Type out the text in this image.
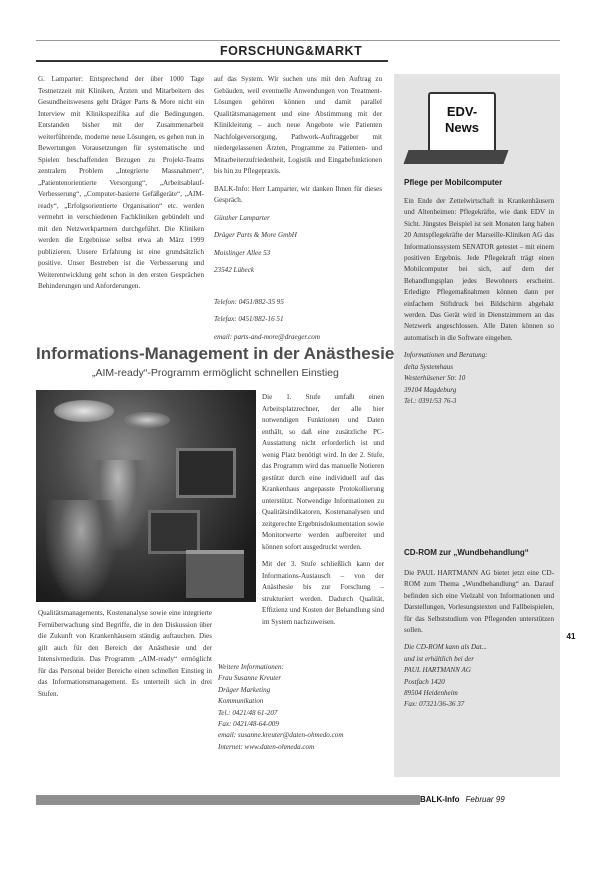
FORSCHUNG&MARKT

G. Lamparter: Entsprechend der über 1000 Tage Testnetzzeit mit Kliniken, Ärzten und Mitarbeitern des Gesundheitswesens geht Dräger Parts & More nicht ein Interview mit Klinikspezifika auf die Bedingungen. Entstanden bisher mit der Zusammenarbeit weiterführende, moderne neue Lösungen, es gehen nun in Bewertungen Vorausetzungen für systematische und Spielen beschaffenden Bezugen zu Projekt-Teams zentralem Problem „Integrierte Massnahmen“, „Patientenorientierte Versorgung“, „Arbeitsablauf-Verbesserung“, „Computer-basierte Gefäßgeräte“, „AIM-ready“, „Erfolgsorientierte Organisation“ etc. werden vermehrt in verschiedenen Fachkliniken gebündelt und mit den Netzwerkpartnern durchgeführt. Die Kliniken werden die Ergebnisse selbst etwa ab März 1999 publizieren. Unsere Erfahrung ist eine grundsätzlich positive. Unser Bestreben ist die Verbesserung und Weiterentwicklung geht schon in den ersten Gesprächen Behinderungen und Anforderungen.

auf das System. Wir suchen uns mit den Auftrag zu Gebäuden, weil eventuelle Anwendungen von Treatment-Lösungen gehören können und damit parallel Qualitätsmanagement und eine Abstimmung mit der Klinikleitung – auch neue Angebote wie Patienten Nachfolgeversorgung, Pathwork-Auftraggeber mit niedergelassenen Ärzten, Programme zu Patienten- und Mitarbeiterzufriedenheit, Logistik und Eingabefunktionen bis hin zu Pflegepraxis.

BALK-Info: Herr Lamparter, wir danken Ihnen für dieses Gespräch.

Günther Lamparter

Dräger Parts & More GmbH

Moislinger Allee 53

23542 Lübeck

Telefon: 0451/882-35 95

Telefax: 0451/882-16 51

email: parts-and-more@draeger.com

Informations-Management in der Anästhesie
„AIM-ready“-Programm ermöglicht schnellen Einstieg

Die 1. Stufe umfaßt einen Arbeitsplatzrechner, der alle hier notwendigen Funktionen und Daten enthält, so daß eine zusätzliche PC-Ausstattung nicht erforderlich ist und wenig Platz benötigt wird. In der 2. Stufe, das Programm wird das manuelle Notieren gestützt durch eine individuell auf das Krankenhaus angepasste Protokollierung unterstützt. Notwendige Informationen zu Qualitätsindikatoren, Kostenanalysen und zeitgerechte Ergebnisdokumentation sowie Monitorwerte werden aufbereitet und können sofort ausgedruckt werden.

Mit der 3. Stufe schließlich kann der Informations-Austausch – von der Anästhesie bis zur Forschung – strukturiert werden. Dadurch Qualität, Effizienz und Kosten der Behandlung sind im System nachzuweisen.

Qualitätsmanagements, Kostenanalyse sowie eine integrierte Fernüberwachung sind Begriffe, die in den Diskussion über die Zukunft von Krankenhäusern ständig auftauchen. Dies gilt auch für den Bereich der Anästhesie und der Intensivmedizin. Das Programm „AIM-ready“ ermöglicht für das Personal beider Bereiche einen schnellen Einstieg in das Informationsmanagement. Es unterteilt sich in drei Stufen.
Weitere Informationen:
Frau Susanne Kreuter
Dräger Marketing
Kommunikation
Tel.: 0421/48 61-207
Fax: 0421/48-64-009
email: susanne.kreuter@daten-ohmedo.com
Internet: www.daten-ohmeda.com
EDV-
News
Pflege per Mobilcomputer

Ein Ende der Zettelwirtschaft in Krankenhäusern und Altenheimen: Pflegekräfte, wie dank EDV in Sicht. Jüngstes Beispiel ist seit Monaten lang haben 20 Amtspflegekräfte der Marseille-Kliniken AG das Informationssystem SENATOR getestet – mit einem positiven Ergebnis. Jede Pflegekraft trägt einen Mobilcomputer bei sich, auf dem der Behandlungsplan jedes Bewohners erscheint. Erledigte Pflegemaßnahmen können dann per einfachem Stiftdruck bei Bildschirm abgehakt werden. Das Gerät wird in Dienstzimmern an das Netzwerk angeschlossen. Alle Daten können so automatisch in die Software eingehen.

Informationen und Beratung:
delta Systemhaus
Westerhüsener Str. 10
39104 Magdeburg
Tel.: 0391/53 76-3
CD-ROM zur „Wundbehandlung“

Die PAUL HARTMANN AG bietet jetzt eine CD-ROM zum Thema „Wundbehandlung“ an. Darauf befinden sich eine Vielzahl von Informationen und Darstellungen, Vorlesungstexten und Fallbeispielen, für das Selbststudium von Pflegenden unterstützen sollen.

Die CD-ROM kann als Dat...
und ist erhältlich bei der
PAUL HARTMANN AG
Postfach 1420
89504 Heidenheim
Fax: 07321/36-36 37
41
BALK-Info Februar 99
